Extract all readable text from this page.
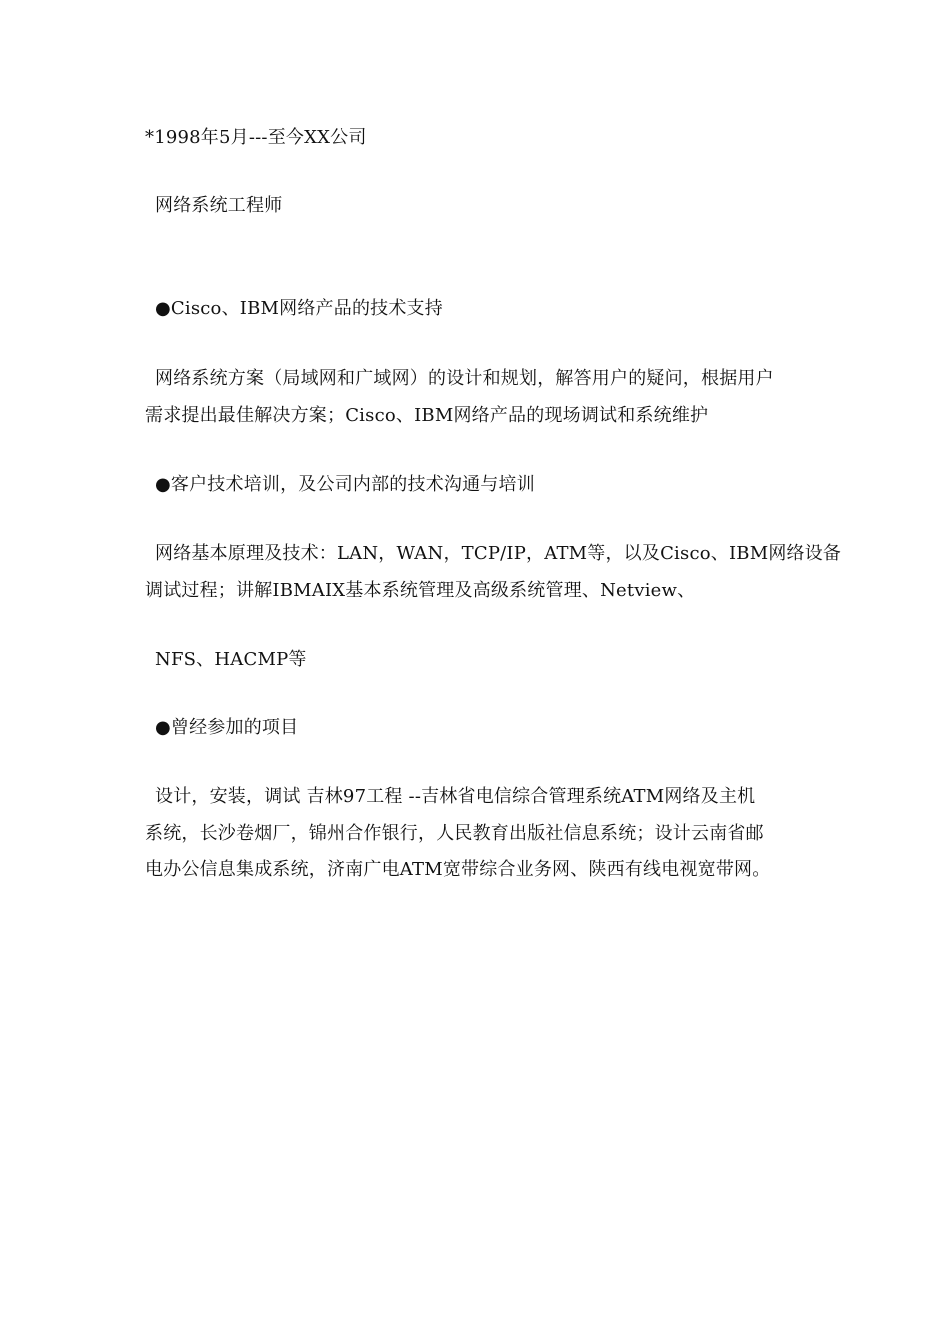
*1998年5月---至今XX公司
网络系统工程师
●Cisco、IBM网络产品的技术支持
网络系统方案（局域网和广域网）的设计和规划，解答用户的疑问，根据用户
需求提出最佳解决方案；Cisco、IBM网络产品的现场调试和系统维护
●客户技术培训，及公司内部的技术沟通与培训
网络基本原理及技术：LAN，WAN，TCP/IP，ATM等，以及Cisco、IBM网络设备
调试过程；讲解IBMAIX基本系统管理及高级系统管理、Netview、
NFS、HACMP等
●曾经参加的项目
设计，安装，调试 吉林97工程 --吉林省电信综合管理系统ATM网络及主机
系统，长沙卷烟厂，锦州合作银行，人民教育出版社信息系统；设计云南省邮
电办公信息集成系统，济南广电ATM宽带综合业务网、陕西有线电视宽带网。
